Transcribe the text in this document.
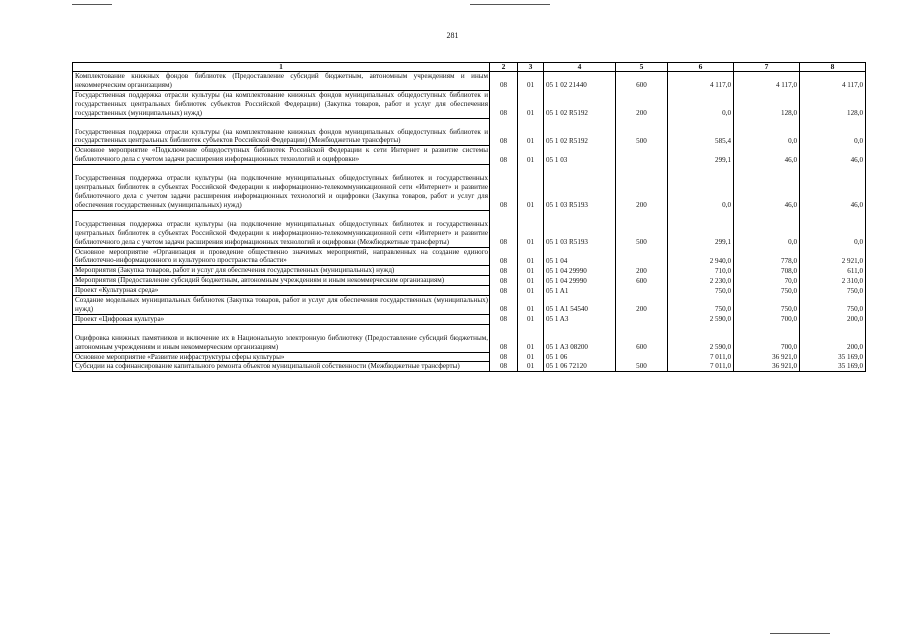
281
1	2	3	4	5	6	7	8
Комплектование книжных фондов библиотек (Предоставление субсидий бюджетным, автономным учреждениям и иным некоммерческим организациям)	08	01	05 1 02 21440	600	4 117,0	4 117,0	4 117,0
Государственная поддержка отрасли культуры (на комплектование книжных фондов муниципальных общедоступных библиотек и государственных центральных библиотек субъектов Российской Федерации) (Закупка товаров, работ и услуг для обеспечения государственных (муниципальных) нужд)	08	01	05 1 02 R5192	200	0,0	128,0	128,0
Государственная поддержка отрасли культуры (на комплектование книжных фондов муниципальных общедоступных библиотек и государственных центральных библиотек субъектов Российской Федерации) (Межбюджетные трансферты)	08	01	05 1 02 R5192	500	585,4	0,0	0,0
Основное мероприятие «Подключение общедоступных библиотек Российской Федерации к сети Интернет и развитие системы библиотечного дела с учетом задачи расширения информационных технологий и оцифровки»	08	01	05 1 03		299,1	46,0	46,0
Государственная поддержка отрасли культуры (на подключение муниципальных общедоступных библиотек и государственных центральных библиотек в субъектах Российской Федерации к информационно-телекоммуникационной сети «Интернет» и развитие библиотечного дела с учетом задачи расширения информационных технологий и оцифровки (Закупка товаров, работ и услуг для обеспечения государственных (муниципальных) нужд)	08	01	05 1 03 R5193	200	0,0	46,0	46,0
Государственная поддержка отрасли культуры (на подключение муниципальных общедоступных библиотек и государственных центральных библиотек в субъектах Российской Федерации к информационно-телекоммуникационной сети «Интернет» и развитие библиотечного дела с учетом задачи расширения информационных технологий и оцифровки (Межбюджетные трансферты)	08	01	05 1 03 R5193	500	299,1	0,0	0,0
Основное мероприятие «Организация и проведение общественно значимых мероприятий, направленных на создание единого библиотечно-информационного и культурного пространства области»	08	01	05 1 04		2 940,0	778,0	2 921,0
Мероприятия (Закупка товаров, работ и услуг для обеспечения государственных (муниципальных) нужд)	08	01	05 1 04 29990	200	710,0	708,0	611,0
Мероприятия (Предоставление субсидий бюджетным, автономным учреждениям и иным некоммерческим организациям)	08	01	05 1 04 29990	600	2 230,0	70,0	2 310,0
Проект «Культурная среда»	08	01	05 1 A1		750,0	750,0	750,0
Создание модельных муниципальных библиотек (Закупка товаров, работ и услуг для обеспечения государственных (муниципальных) нужд)	08	01	05 1 A1 54540	200	750,0	750,0	750,0
Проект «Цифровая культура»	08	01	05 1 A3		2 590,0	700,0	200,0
Оцифровка книжных памятников и включение их в Национальную электронную библиотеку (Предоставление субсидий бюджетным, автономным учреждениям и иным некоммерческим организациям)	08	01	05 1 A3 08200	600	2 590,0	700,0	200,0
Основное мероприятие «Развитие инфраструктуры сферы культуры»	08	01	05 1 06		7 011,0	36 921,0	35 169,0
Субсидии на софинансирование капитального ремонта объектов муниципальной собственности (Межбюджетные трансферты)	08	01	05 1 06 72120	500	7 011,0	36 921,0	35 169,0
